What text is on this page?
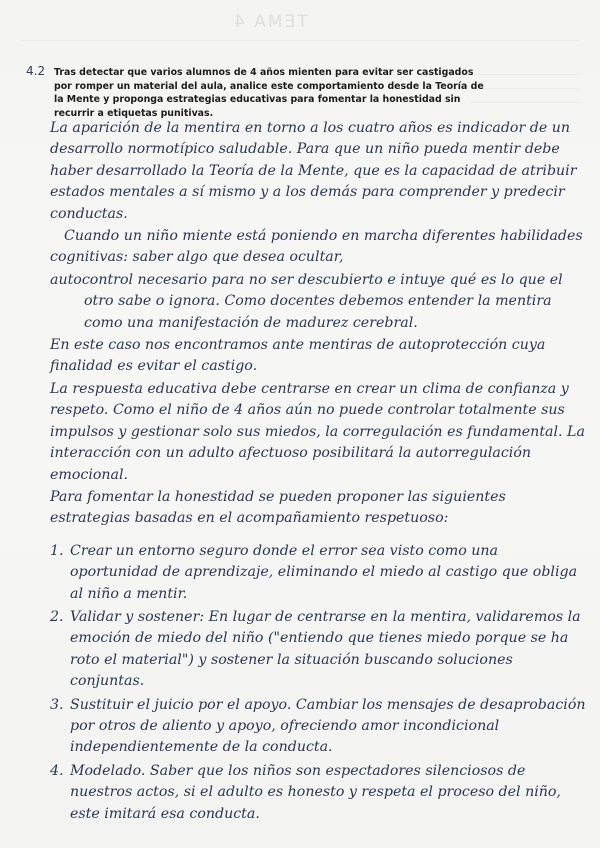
TEMA 4
4.2 Tras detectar que varios alumnos de 4 años mienten para evitar ser castigados por romper un material del aula, analice este comportamiento desde la Teoría de la Mente y proponga estrategias educativas para fomentar la honestidad sin recurrir a etiquetas punitivas.

La aparición de la mentira en torno a los cuatro años es indicador de un desarrollo normotípico saludable. Para que un niño pueda mentir debe haber desarrollado la Teoría de la Mente, que es la capacidad de atribuir estados mentales a sí mismo y a los demás para comprender y predecir conductas.

Cuando un niño miente está poniendo en marcha diferentes habilidades cognitivas: saber algo que desea ocultar,

autocontrol necesario para no ser descubierto e intuye qué es lo que el otro sabe o ignora. Como docentes debemos entender la mentira como una manifestación de madurez cerebral.

En este caso nos encontramos ante mentiras de autoprotección cuya finalidad es evitar el castigo.

La respuesta educativa debe centrarse en crear un clima de confianza y respeto. Como el niño de 4 años aún no puede controlar totalmente sus impulsos y gestionar solo sus miedos, la corregulación es fundamental. La interacción con un adulto afectuoso posibilitará la autorregulación emocional.

Para fomentar la honestidad se pueden proponer las siguientes estrategias basadas en el acompañamiento respetuoso:

1. Crear un entorno seguro donde el error sea visto como una oportunidad de aprendizaje, eliminando el miedo al castigo que obliga al niño a mentir.
2. Validar y sostener: En lugar de centrarse en la mentira, validaremos la emoción de miedo del niño ("entiendo que tienes miedo porque se ha roto el material") y sostener la situación buscando soluciones conjuntas.
3. Sustituir el juicio por el apoyo. Cambiar los mensajes de desaprobación por otros de aliento y apoyo, ofreciendo amor incondicional independientemente de la conducta.
4. Modelado. Saber que los niños son espectadores silenciosos de nuestros actos, si el adulto es honesto y respeta el proceso del niño, este imitará esa conducta.
